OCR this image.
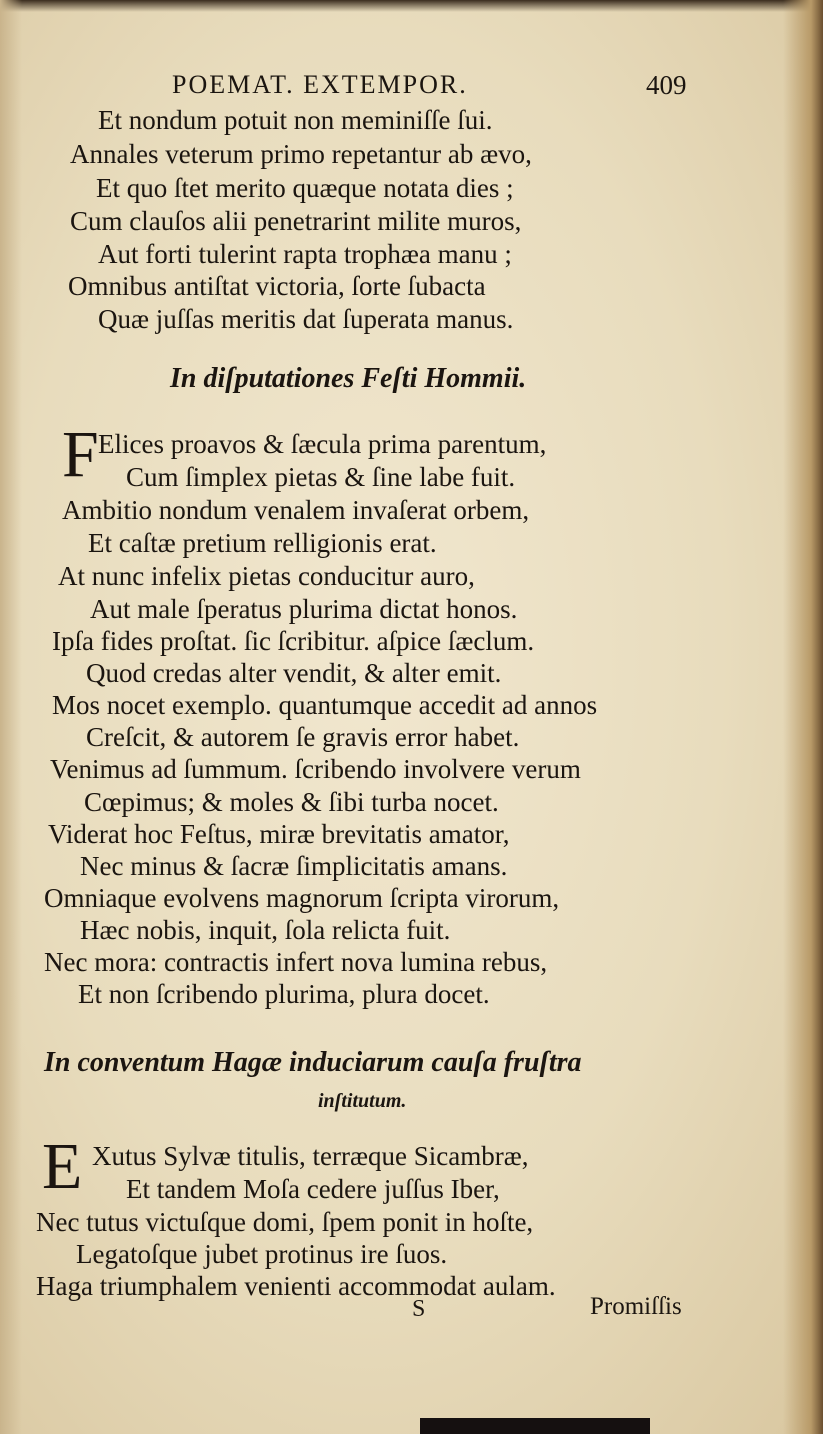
POEMAT. EXTEMPOR.	409
Et nondum potuit non meminiſſe ſui.
Annales veterum primo repetantur ab ævo,
Et quo ſtet merito quæque notata dies ;
Cum clauſos alii penetrarint milite muros,
Aut forti tulerint rapta trophæa manu ;
Omnibus antiſtat victoria, ſorte ſubacta
Quæ juſſas meritis dat ſuperata manus.
In diſputationes Feſti Hommii.
F Elices proavos & ſæcula prima parentum,
Cum ſimplex pietas & ſine labe fuit.
Ambitio nondum venalem invaſerat orbem,
Et caſtæ pretium relligionis erat.
At nunc infelix pietas conducitur auro,
Aut male ſperatus plurima dictat honos.
Ipſa fides proſtat. ſic ſcribitur. aſpice ſæclum.
Quod credas alter vendit, & alter emit.
Mos nocet exemplo. quantumque accedit ad annos
Creſcit, & autorem ſe gravis error habet.
Venimus ad ſummum. ſcribendo involvere verum
Cœpimus; & moles & ſibi turba nocet.
Viderat hoc Feſtus, miræ brevitatis amator,
Nec minus & ſacræ ſimplicitatis amans.
Omniaque evolvens magnorum ſcripta virorum,
Hæc nobis, inquit, ſola relicta fuit.
Nec mora: contractis infert nova lumina rebus,
Et non ſcribendo plurima, plura docet.
In conventum Hagæ induciarum cauſa fruſtra
inſtitutum.
E Xutus Sylvæ titulis, terræque Sicambræ,
Et tandem Moſa cedere juſſus Iber,
Nec tutus victuſque domi, ſpem ponit in hoſte,
Legatoſque jubet protinus ire ſuos.
Haga triumphalem venienti accommodat aulam.
S	Promiſſis
